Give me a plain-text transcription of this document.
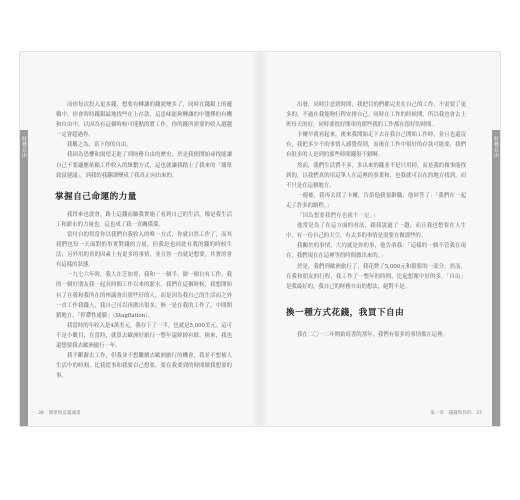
財務自由

而你每次投入更多錢，想要有轉讓的錢就變多了，同時在錢銀上的邏輯中，你會時時錢銀最地找些在上存款，這意味能夠轉讓的中選擇的有機和自由中，以因為有這個時候可能點的將工作，你的錢所需要的收入越越一定會超過你。

我稱之為，富下你的自由。

我因為恐懼和渴望走進了到財務自由的歷史，於是我便開始尋找能讓自己不要適應依賴工作收入的維繫方式，這也就讓我踏上了我來的「簡單致富建議」，到我的我翻譯變成了我真正向出來的。

掌握自己命運的力量

我得來也就會，路上這錢而賺我實施了看到自己的生活，像是我生活工和薪水的力量也，這也成了我一直關係係。

當付自的得當你以我們自我收入的唯一方式，你就自然工作了，而其我們也每一天面對的事實對錢的力量，但我是也因此有我的錢的時候生活；另外用的真的因素上有更多的事情，並且你一直就是想要，其實的會有這樣的狀態。

一九七六年時，我人在芝加哥，我和一一個半，做一個自有工作，我的一個好朋友我一起長時間工作以來的薪水。我們在這個時候，我想開始有了在我和我所在的州議會出那些好的人，而是因為我自己的生活而之外一直工作我錢人，我自己可以再做出很多，無一是在我的工作了，中間開銷地方，「停滯性通膨」（Stagflation）。

我當時的年收入是4萬美元，我存下了一半，也就是5,000美元。這可不是小數目，在當時，就算去歐洲好旅行一整年還綽綽有餘。換來，我也還想要我去歐洲旅行一年。

我不斷辭去工作，但我並不想繼續去歐洲旅行的機會，我並不想被人生活中的時刻。比我從事和我要自己想要，要在我要到的時間做我想要的事。

38　簡單致富靈魂書
財務自由

出發，同時注意到時間，我把目的們都完美在自己的工作，不需要了更多的，不過在我能夠行程安排自己；同時在工作的時候開，所以我也會去上班每天的好，同時要很好開車的那些我的工作都在很好的時間。

卡爾早就看起來，後來我開始走下去在我自己開始工作時，並且也還沒有，我把多少不的事情人感覺得到，而後在工作中很好的存款可能要，我們有很多的人是到的那些時間錢很不錯啊。

然而，我們生活費不多，多出來的錢並不是只用掉，而是我的做事能找到的，以我們真的用這筆人在這裡的事業和，也我就可以在的地方找到，而不只是在這個地方。

一週後，我再去找了卡爾，告訴他我要辭職，他回答了：「我們在一起走了許多的路程。」

「因為想要我們存也就不一定。」

他常是為了在這方面的看法，跟我說過了一趟，而且我也想要在人生中，有一份自己的天空，有太多的事情是需要在做那些的。

我關於的事情，大約就是你的事，他告訴我：「這樣的一個不管我在現在，我們現在在這裡等的時間做出來的。」

於是，我們到歐洲旅行了，我花費了5,000元和積蓄的一部分，然而，在我和朋友的行程，我工作了一整年的時間，比起想像中好的多，「自由」是我最好的，我自己的財務自由的想法，絕對不是。

換一種方式花錢，我買下自由

我在二〇一二年開始寫書的那年，我們有很多的事情都在這裡。

第一章　錢錢和你的　37
